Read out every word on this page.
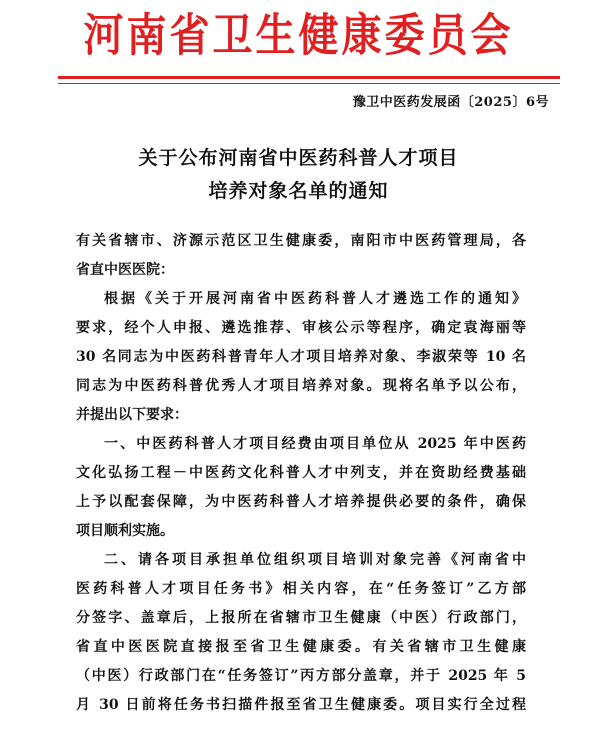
河南省卫生健康委员会
豫卫中医药发展函〔2025〕6号
关于公布河南省中医药科普人才项目
培养对象名单的通知
有关省辖市、济源示范区卫生健康委，南阳市中医药管理局，各
省直中医医院：
根据《关于开展河南省中医药科普人才遴选工作的通知》
要求，经个人申报、遴选推荐、审核公示等程序，确定袁海丽等
30 名同志为中医药科普青年人才项目培养对象、李淑荣等 10 名
同志为中医药科普优秀人才项目培养对象。现将名单予以公布，
并提出以下要求：
一、中医药科普人才项目经费由项目单位从 2025 年中医药
文化弘扬工程－中医药文化科普人才中列支，并在资助经费基础
上予以配套保障，为中医药科普人才培养提供必要的条件，确保
项目顺利实施。
二、请各项目承担单位组织项目培训对象完善《河南省中
医药科普人才项目任务书》相关内容，在“任务签订”乙方部
分签字、盖章后，上报所在省辖市卫生健康（中医）行政部门，
省直中医医院直接报至省卫生健康委。有关省辖市卫生健康
（中医）行政部门在“任务签订”丙方部分盖章，并于 2025 年 5
月 30 日前将任务书扫描件报至省卫生健康委。项目实行全过程
